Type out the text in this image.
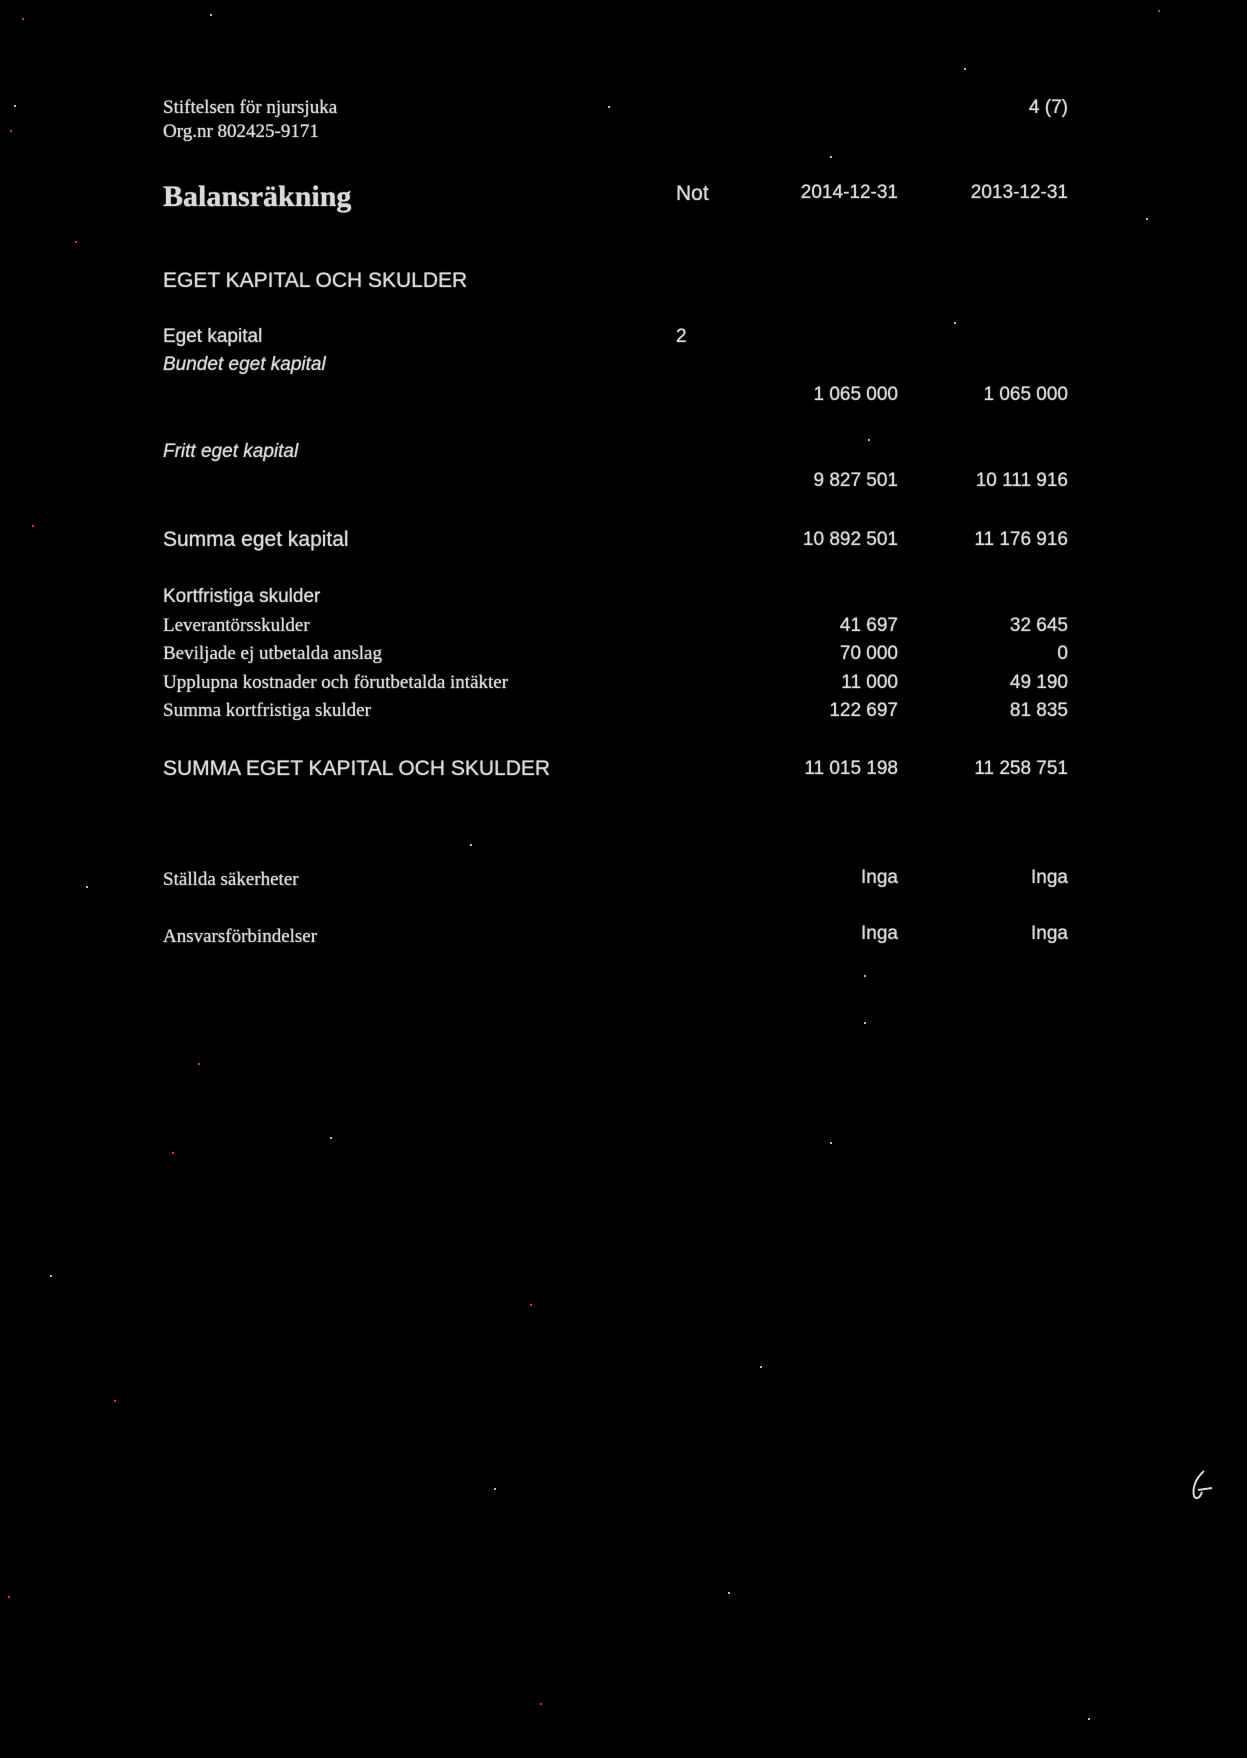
Stiftelsen för njursjuka
Org.nr 802425-9171
4 (7)
Balansräkning	Not	2014-12-31	2013-12-31
EGET KAPITAL OCH SKULDER
Eget kapital	2
Bundet eget kapital
1 065 000	1 065 000
Fritt eget kapital
9 827 501	10 111 916
Summa eget kapital	10 892 501	11 176 916
Kortfristiga skulder
Leverantörsskulder	41 697	32 645
Beviljade ej utbetalda anslag	70 000	0
Upplupna kostnader och förutbetalda intäkter	11 000	49 190
Summa kortfristiga skulder	122 697	81 835
SUMMA EGET KAPITAL OCH SKULDER	11 015 198	11 258 751
Ställda säkerheter	Inga	Inga
Ansvarsförbindelser	Inga	Inga
